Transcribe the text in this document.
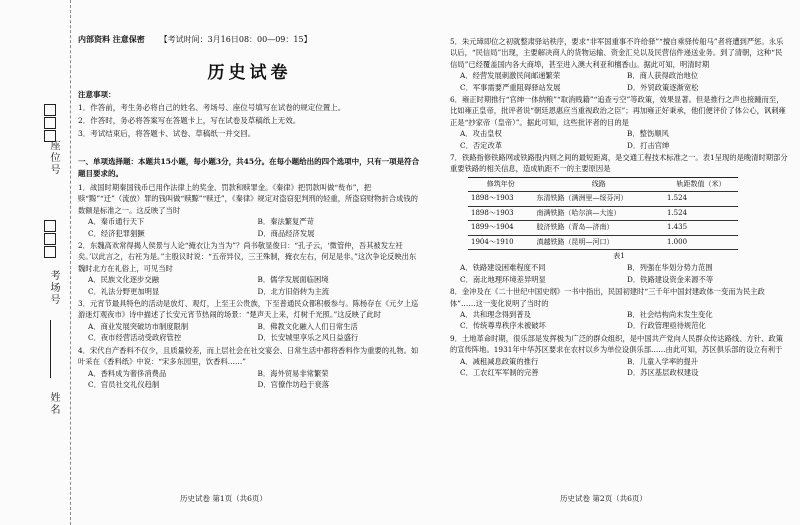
座位号
考场号
姓名
内部资料 注意保密 【考试时间：3月16日08：00—09：15】
历史试卷
注意事项：
1．作答前，考生务必将自己的姓名、考场号、座位号填写在试卷的规定位置上。
2．作答时，务必将答案写在答题卡上，写在试卷及草稿纸上无效。
3．考试结束后，将答题卡、试卷、草稿纸一并交回。
一、单项选择题：本题共15小题，每小题3分，共45分。在每小题给出的四个选项中，只有一项是符合题目要求的。
1．战国时期秦国钱币已用作法律上的奖金、罚款和赎罪金。《秦律》把罚款叫做“赀布”，把赎“黥”“迁”（流放）罪的钱叫做“赎黥”“赎迁”，《秦律》规定对盗窃犯判刑的轻重，所盗窃财物折合成钱的数额是标准之一。这反映了当时
A．秦币通行天下	B．秦法繁复严苛
C．经济犯罪猖獗	D．商品经济发展
2．东魏高欢常得揭人侯景与人论“掩衣让为当为”？尚书敬显俊曰：“孔子云，‘微管仲，吾其被发左衽矣。’以此言之，右衽为是。”主殷议时说：“五帝异仪，三王殊制，掩衣左右，何足是非。”这次争论反映出东魏时北方在礼俗上，可见当时
A．民族文化逐步交融	B．儒学发展面临困境
C．礼法分野更加明显	D．北方旧俗转为主流
3．元宵节最具特色的活动是放灯、观灯，上至王公贵族，下至普通民众都积极参与。陈杨存在《元夕上巡游迷灯观夜市》诗中描述了长安元宵节热闹的场景：“楚声天上来，灯树千光照。”这反映了此时
A．商业发展突破坊市制度限制	B．佛教文化融入人们日常生活
C．夜市经营活动受政府管控	D．长安城里享乐之风日益盛行
4．宋代自产香料不仅少，且质量较差，而上层社会在社交宴会、日常生活中都将香料作为重要的礼物。如叶采在《香料纸》中说：“宋多东园里，饮香料……”
A．香料成为奢侈消费品	B．海外贸易非常繁荣
C．官员社交礼仪趋制	D．官僚作坊趋于衰落
5．朱元璋即位之初就整肃驿站秩序，要求“非军国重事不许给驿”“擅自乘驿传船马”者将遭到严惩。永乐以后，“民信局”出现，主要解决商人的货物运输、资金汇兑以及民营信件递送业务。到了清朝，这种“民信局”已经覆盖国内各大商埠，甚至进入澳大利亚和檀香山。据此可知，明清时期
A．经营发展刺激民间邮递繁荣	B．商人获得政治地位
C．军事需要严重阻碍驿站发展	D．外贸政策逐渐宽松
6．雍正时期推行“官绅一体纳粮”“取消贱籍”“追查亏空”等政策，效果显著。但是推行之声也接踵而至，比如雍正皇帝，批评者说“朝廷恩惠应当重视政治之臣”；再加雍正好秉承，他们便评价了体公心，讽刺雍正是“抄家帝（皇帝）”。据此可知，这些批评者的目的是
A．攻击皇权	B．整饬顺风
C．否定改革	D．打击官绅
7．铁路指修铁路网或铁路股内则之间的最短距离，是交通工程技术标准之一。表1呈现的是晚清时期部分重要铁路的相关信息，造成轨距不一的主要原因是
修筑年份	线路	轨距数值（米）
1898～1903	东清铁路（满洲里—绥芬河）	1.524
1898～1903	南满铁路（哈尔滨—大连）	1.524
1899～1904	胶济铁路（青岛—济南）	1.435
1904～1910	滇越铁路（昆明—河口）	1.000
表1
A．铁路建设困难程度不同	B．列强在华划分势力范围
C．南北地理环境差异明显	D．铁路建设资金来源不等
8．金冲及在《二十世纪中国史纲》一书中指出，民国初建时“三千年中国封建政体一变而为民主政体”……这一变化说明了当时的
A．共和理念得到普及	B．社会结构尚未发生变化
C．传统尊卑秩序未被破坏	D．行政管理亟待规范化
9．土地革命时期，很乐部是发挥极为广泛的群众组织，是中国共产党向人民群众传达路线、方针、政策的宣传阵地。1931年中华苏区要求在农村以乡为单位设俱乐部……由此可知，苏区俱乐部的设立有利于
A．减租减息政策的推行	B．儿童入学率的提升
C．工农红军军制的完善	D．苏区基层政权建设
历史试卷 第1页（共6页）	历史试卷 第2页（共6页）
